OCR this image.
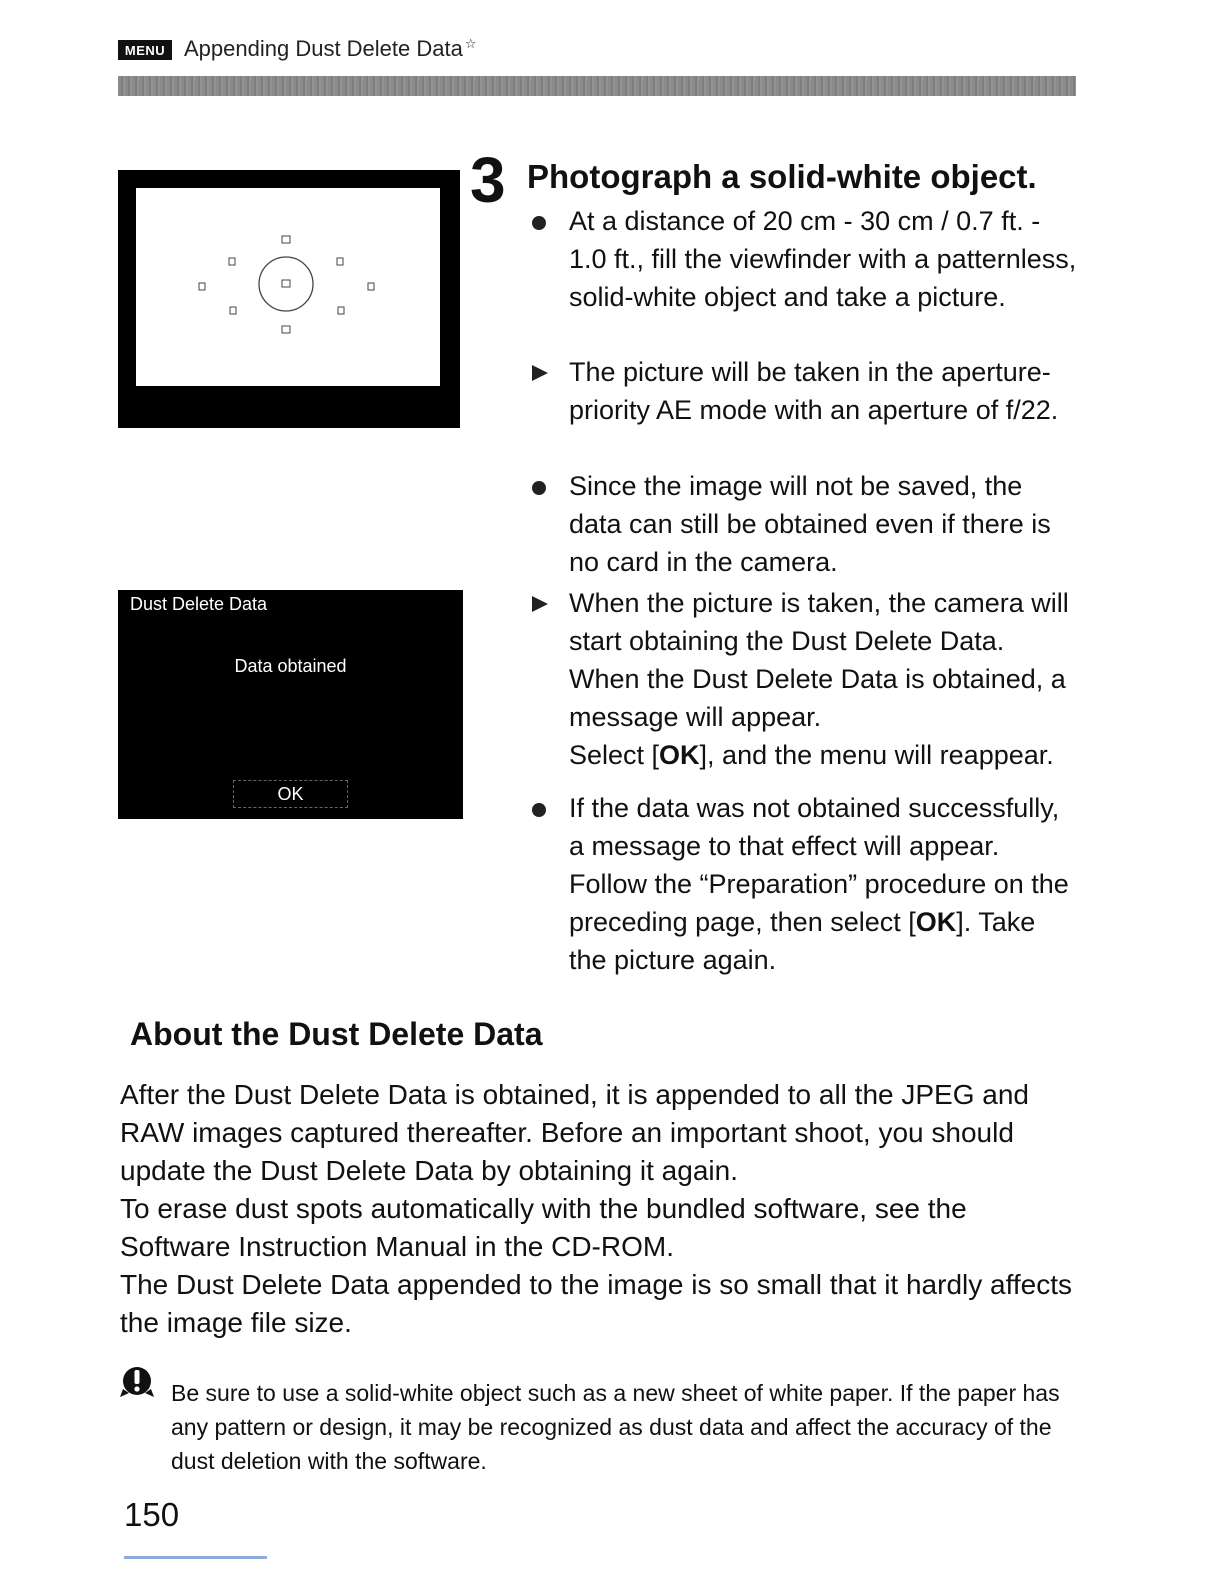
MENU Appending Dust Delete Data ☆
Dust Delete Data
Data obtained
OK
3 Photograph a solid-white object.
At a distance of 20 cm - 30 cm / 0.7 ft. - 1.0 ft., fill the viewfinder with a patternless, solid-white object and take a picture.
The picture will be taken in the aperture-priority AE mode with an aperture of f/22.
Since the image will not be saved, the data can still be obtained even if there is no card in the camera.

When the picture is taken, the camera will start obtaining the Dust Delete Data. When the Dust Delete Data is obtained, a message will appear.

Select [OK], and the menu will reappear.

If the data was not obtained successfully, a message to that effect will appear. Follow the “Preparation” procedure on the preceding page, then select [OK]. Take the picture again.
About the Dust Delete Data

After the Dust Delete Data is obtained, it is appended to all the JPEG and RAW images captured thereafter. Before an important shoot, you should update the Dust Delete Data by obtaining it again.

To erase dust spots automatically with the bundled software, see the Software Instruction Manual in the CD-ROM.

The Dust Delete Data appended to the image is so small that it hardly affects the image file size.

Be sure to use a solid-white object such as a new sheet of white paper. If the paper has any pattern or design, it may be recognized as dust data and affect the accuracy of the dust deletion with the software.
150
